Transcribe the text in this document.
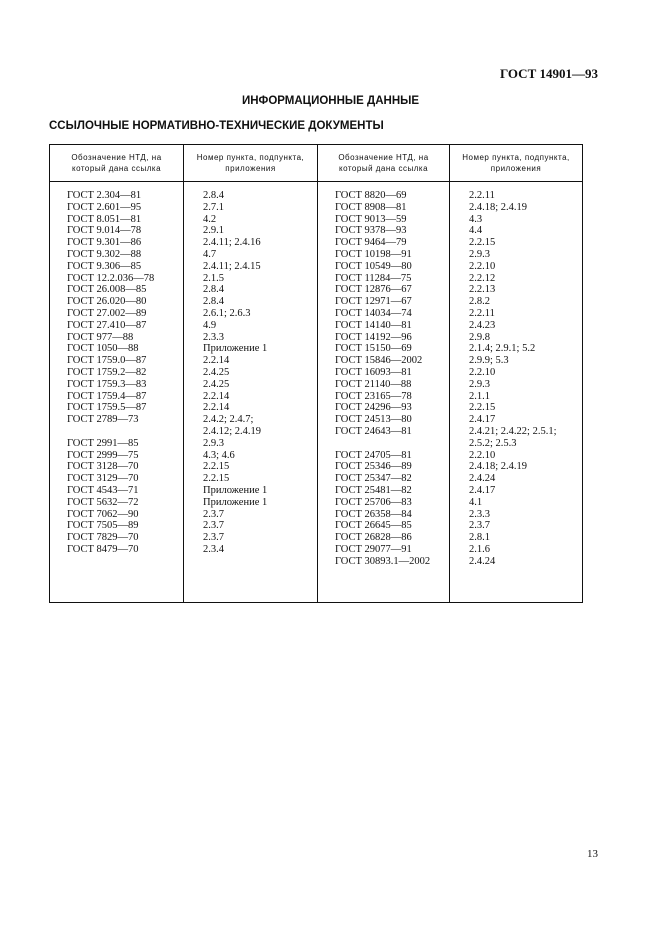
ГОСТ 14901—93
ИНФОРМАЦИОННЫЕ ДАННЫЕ
ССЫЛОЧНЫЕ НОРМАТИВНО-ТЕХНИЧЕСКИЕ ДОКУМЕНТЫ
Обозначение НТД, на который дана ссылка
ГОСТ 2.304—81
ГОСТ 2.601—95
ГОСТ 8.051—81
ГОСТ 9.014—78
ГОСТ 9.301—86
ГОСТ 9.302—88
ГОСТ 9.306—85
ГОСТ 12.2.036—78
ГОСТ 26.008—85
ГОСТ 26.020—80
ГОСТ 27.002—89
ГОСТ 27.410—87
ГОСТ 977—88
ГОСТ 1050—88
ГОСТ 1759.0—87
ГОСТ 1759.2—82
ГОСТ 1759.3—83
ГОСТ 1759.4—87
ГОСТ 1759.5—87
ГОСТ 2789—73
ГОСТ 2991—85
ГОСТ 2999—75
ГОСТ 3128—70
ГОСТ 3129—70
ГОСТ 4543—71
ГОСТ 5632—72
ГОСТ 7062—90
ГОСТ 7505—89
ГОСТ 7829—70
ГОСТ 8479—70
Номер пункта, подпункта, приложения
2.8.4
2.7.1
4.2
2.9.1
2.4.11; 2.4.16
4.7
2.4.11; 2.4.15
2.1.5
2.8.4
2.8.4
2.6.1; 2.6.3
4.9
2.3.3
Приложение 1
2.2.14
2.4.25
2.4.25
2.2.14
2.2.14
2.4.2; 2.4.7;
2.4.12; 2.4.19
2.9.3
4.3; 4.6
2.2.15
2.2.15
Приложение 1
Приложение 1
2.3.7
2.3.7
2.3.7
2.3.4
Обозначение НТД, на который дана ссылка
ГОСТ 8820—69
ГОСТ 8908—81
ГОСТ 9013—59
ГОСТ 9378—93
ГОСТ 9464—79
ГОСТ 10198—91
ГОСТ 10549—80
ГОСТ 11284—75
ГОСТ 12876—67
ГОСТ 12971—67
ГОСТ 14034—74
ГОСТ 14140—81
ГОСТ 14192—96
ГОСТ 15150—69
ГОСТ 15846—2002
ГОСТ 16093—81
ГОСТ 21140—88
ГОСТ 23165—78
ГОСТ 24296—93
ГОСТ 24513—80
ГОСТ 24643—81
ГОСТ 24705—81
ГОСТ 25346—89
ГОСТ 25347—82
ГОСТ 25481—82
ГОСТ 25706—83
ГОСТ 26358—84
ГОСТ 26645—85
ГОСТ 26828—86
ГОСТ 29077—91
ГОСТ 30893.1—2002
Номер пункта, подпункта, приложения
2.2.11
2.4.18; 2.4.19
4.3
4.4
2.2.15
2.9.3
2.2.10
2.2.12
2.2.13
2.8.2
2.2.11
2.4.23
2.9.8
2.1.4; 2.9.1; 5.2
2.9.9; 5.3
2.2.10
2.9.3
2.1.1
2.2.15
2.4.17
2.4.21; 2.4.22; 2.5.1;
2.5.2; 2.5.3
2.2.10
2.4.18; 2.4.19
2.4.24
2.4.17
4.1
2.3.3
2.3.7
2.8.1
2.1.6
2.4.24
13
